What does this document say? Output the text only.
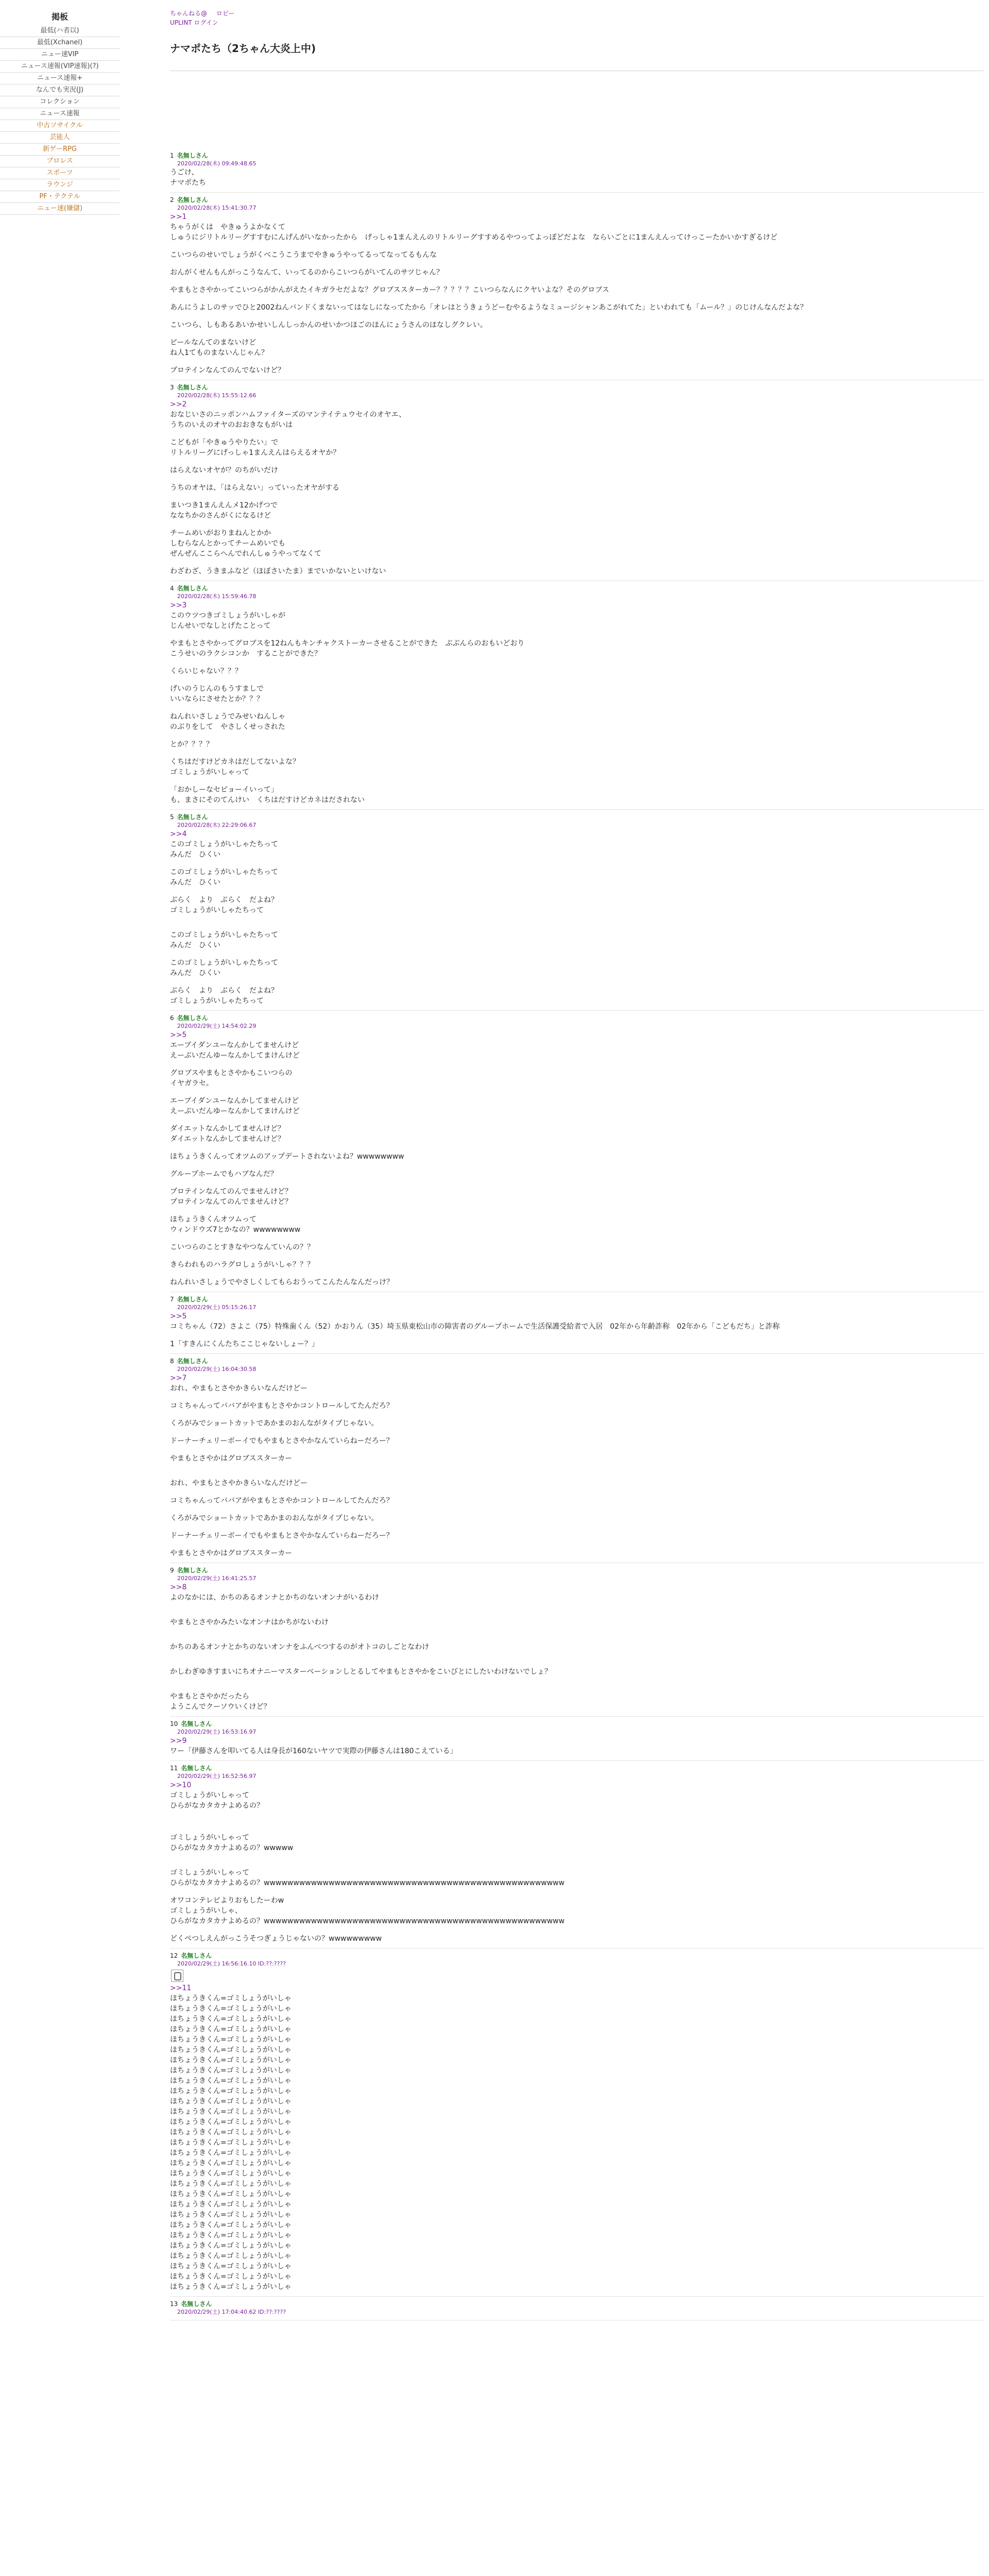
掲板
最低(ハ者以)
最低(Xchanel)
ニュー速VIP
ニュース速報(VIP速報)(?)
ニュース速報+
なんでも実況(J)
コレクション
ニュース速報
中古ソサイクル
芸能人
新ゲーRPG
プロレス
スポーツ
ラウンジ
PF・テクテル
ニュー速(嫌儲)
ちゃんねる@ ロビー
UPLINT ログイン
ナマポたち（2ちゃん大炎上中)
1 名無しさん
2020/02/28(木) 09:49:48.65
うごけ、
ナマポたち
2 名無しさん
2020/02/28(木) 15:41:30.77
>>1
ちゃうがくは　やきゅうよかなくて
しゅうにジリトルリーグすすむにんげんがいなかったから　げっしゃ1まんえんのリトルリーグすすめるやつってよっぽどだよな　ならいごとに1まんえんってけっこーたかいかすぎるけど
こいつらのせいでしょうがくべこうこうまでやきゅうやってるってなってるもんな
おんがくせんもんがっこうなんて、いってるのからこいつらがいてんのサツじゃん？
やまもとさやかってこいつらがかんがえたイキガラセだよな？グロブススターカー？？？？？こいつらなんにクヤいよな？そのグロブス
あんにうよしのサッでひと2002ねんバンドくまないってはなしになってたから「オレはとうきょうどーむやるようなミュージシャンあこがれてた」といわれても「ムール？」のじけんなんだよな？
こいつら、しもあるあいかせいしんしっかんのせいかつほごのほんにょうさんのほなしグクレい。
ビールなんてのまないけど
ね人1てものまないんじゃん？
プロテインなんてのんでないけど？
3 名無しさん
2020/02/28(木) 15:55:12.66
>>2
おなじいさのニッポンハムファイターズのマンテイテュウセイのオヤエ、
うちのいえのオヤのおおきなもがいは
こどもが「やきゅうやりたい」で
リトルリーグにげっしゃ1まんえんはらえるオヤか？
はらえないオヤが？のちがいだけ
うちのオヤは、「はらえない」っていったオヤがする
まいつき1まんえんメ12かげつで
ななちかのさんがくになるけど
チームめいがおりまねんとかか
しむらなんとかってチームめいでも
ぜんぜんここらへんでれんしゅうやってなくて
わざわざ、うきまふなど（ほぼさいたま）までいかないといけない
4 名無しさん
2020/02/28(木) 15:59:46.78
>>3
このウツつきゴミしょうがいしゃが
じんせいでなしとげたことって
やまもとさやかってグロブスを12ねんもキンチャクストーカーさせることができた　ぶぶんらのおもいどおり
こうせいのラクシコンか　することができた？
くらいじゃない？？？
げいのうじんのもうすましで
いいならにさせたとか？？？
ねんれいさしょうでみせいねんしゃ
のぶりをして　やさしくせっされた
とか？？？？
くちはだすけどカネはだしてないよな？
ゴミしょうがいしゃって
「おかしーなセピョーイいって」
も、まさにそのてんけい　くちはだすけどカネはだされない
5 名無しさん
2020/02/28(木) 22:29:06.67
>>4
このゴミしょうがいしゃたちって
みんだ　ひくい
このゴミしょうがいしゃたちって
みんだ　ひくい
ぶらく　より　ぶらく　だよね？
ゴミしょうがいしゃたちって
このゴミしょうがいしゃたちって
みんだ　ひくい
このゴミしょうがいしゃたちって
みんだ　ひくい
ぶらく　より　ぶらく　だよね？
ゴミしょうがいしゃたちって
6 名無しさん
2020/02/29(土) 14:54:02.29
>>5
エーブイダンユーなんかしてませんけど
えーぶいだんゆーなんかしてまけんけど
グロブスやまもとさやかもこいつらの
イヤガラセ。
エーブイダンユーなんかしてませんけど
えーぶいだんゆーなんかしてまけんけど
ダイエットなんかしてませんけど？
ダイエットなんかしてませんけど？
ほちょうきくんってオツムのアップデートされないよね？wwwwwwww
グループホームでもハブなんだ？
プロテインなんてのんでませんけど？
プロテインなんてのんでませんけど？
ほちょうきくんオツムって
ウィンドウズ7とかなの？wwwwwwww
こいつらのことすきなやつなんていんの？？
きらわれものハラグロしょうがいしゃ？？？
ねんれいさしょうでやさしくしてもらおうってこんたんなんだっけ？
7 名無しさん
2020/02/29(土) 05:15:26.17
>>5
コミちゃん（72）さよこ（75）特殊歯くん（52）かおりん（35）埼玉県東松山市の障害者のグループホームで生活保護受給者で入居　02年から年齢詐称　02年から「こどもだち」と詐称
1「すきんにくんたちここじゃないしょー？」
8 名無しさん
2020/02/29(土) 16:04:30.58
>>7
おれ、やまもとさやかきらいなんだけどー
コミちゃんってババアがやまもとさやかコントロールしてたんだろ？
くろがみでショートカットであかまのおんながタイプじゃない。
ドーナーチェリーボーイでもやまもとさやかなんていらねーだろー？
やまもとさやかはグロブススターカー
おれ、やまもとさやかきらいなんだけどー
コミちゃんってババアがやまもとさやかコントロールしてたんだろ？
くろがみでショートカットであかまのおんながタイプじゃない。
ドーナーチェリーボーイでもやまもとさやかなんていらねーだろー？
やまもとさやかはグロブススターカー
9 名無しさん
2020/02/29(土) 16:41:25.57
>>8
よのなかには、かちのあるオンナとかちのないオンナがいるわけ
やまもとさやかみたいなオンナはかちがないわけ
かちのあるオンナとかちのないオンナをふんべつするのがオトコのしごとなわけ
かしわぎゆきすまいにちオナニーマスターベーションしとるしてやまもとさやかをこいびとにしたいわけないでしょ？
やまもとさやかだったら
ようこんでクーソウいくけど？
10 名無しさん
2020/02/29(土) 16:53:16.97
>>9
ワー「伊藤さんを叩いてる人は身長が160ないヤツで実際の伊藤さんは180こえている」
11 名無しさん
2020/02/29(土) 16:52:56.97
>>10
ゴミしょうがいしゃって
ひらがなカタカナよめるの？
ゴミしょうがいしゃって
ひらがなカタカナよめるの？wwwww
ゴミしょうがいしゃって
ひらがなカタカナよめるの？wwwwwwwwwwwwwwwwwwwwwwwwwwwwwwwwwwwwwwwwwwwwwwwwwww
オワコンテレビよりおもしたーわw
ゴミしょうがいしゃ、
ひらがなカタカナよめるの？wwwwwwwwwwwwwwwwwwwwwwwwwwwwwwwwwwwwwwwwwwwwwwwwwww
どくぺつしえんがっこうそつぎょうじゃないの？wwwwwwwww
12 名無しさん
2020/02/29(土) 16:56:16.10 ID:??:????
>>11
ほちょうきくん=ゴミしょうがいしゃ
ほちょうきくん=ゴミしょうがいしゃ
ほちょうきくん=ゴミしょうがいしゃ
ほちょうきくん=ゴミしょうがいしゃ
ほちょうきくん=ゴミしょうがいしゃ
ほちょうきくん=ゴミしょうがいしゃ
ほちょうきくん=ゴミしょうがいしゃ
ほちょうきくん=ゴミしょうがいしゃ
ほちょうきくん=ゴミしょうがいしゃ
ほちょうきくん=ゴミしょうがいしゃ
ほちょうきくん=ゴミしょうがいしゃ
ほちょうきくん=ゴミしょうがいしゃ
ほちょうきくん=ゴミしょうがいしゃ
ほちょうきくん=ゴミしょうがいしゃ
ほちょうきくん=ゴミしょうがいしゃ
ほちょうきくん=ゴミしょうがいしゃ
ほちょうきくん=ゴミしょうがいしゃ
ほちょうきくん=ゴミしょうがいしゃ
ほちょうきくん=ゴミしょうがいしゃ
ほちょうきくん=ゴミしょうがいしゃ
ほちょうきくん=ゴミしょうがいしゃ
ほちょうきくん=ゴミしょうがいしゃ
ほちょうきくん=ゴミしょうがいしゃ
ほちょうきくん=ゴミしょうがいしゃ
ほちょうきくん=ゴミしょうがいしゃ
ほちょうきくん=ゴミしょうがいしゃ
ほちょうきくん=ゴミしょうがいしゃ
ほちょうきくん=ゴミしょうがいしゃ
ほちょうきくん=ゴミしょうがいしゃ
13 名無しさん
2020/02/29(土) 17:04:40.62 ID:??:????
